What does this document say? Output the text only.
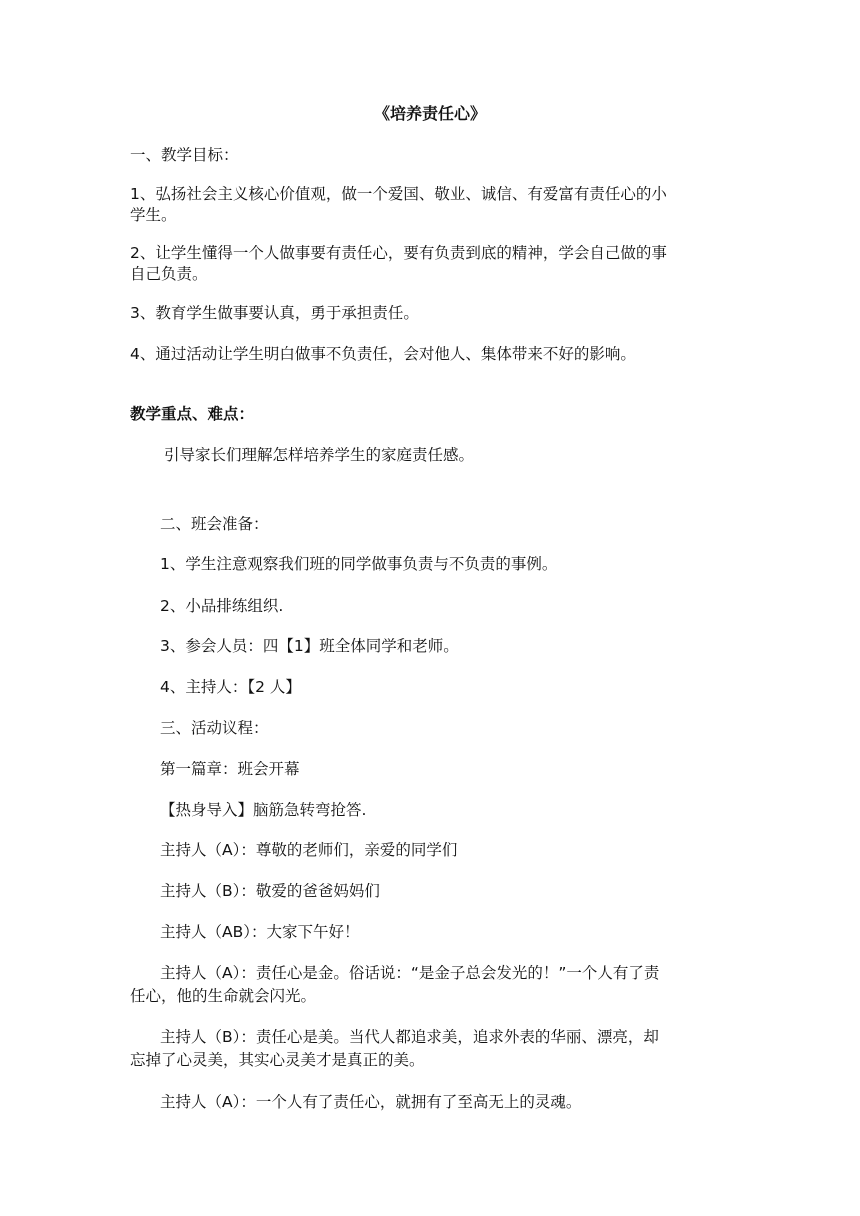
《培养责任心》
一、教学目标：
1、弘扬社会主义核心价值观，做一个爱国、敬业、诚信、有爱富有责任心的小
学生。
2、让学生懂得一个人做事要有责任心，要有负责到底的精神，学会自己做的事
自己负责。
3、教育学生做事要认真，勇于承担责任。
4、通过活动让学生明白做事不负责任，会对他人、集体带来不好的影响。
教学重点、难点：
引导家长们理解怎样培养学生的家庭责任感。
二、班会准备：
1、学生注意观察我们班的同学做事负责与不负责的事例。
2、小品排练组织.
3、参会人员：四【1】班全体同学和老师。
4、主持人：【2 人】
三、活动议程：
第一篇章：班会开幕
【热身导入】脑筋急转弯抢答.
主持人（A）：尊敬的老师们，亲爱的同学们
主持人（B）：敬爱的爸爸妈妈们
主持人（AB）：大家下午好！
主持人（A）：责任心是金。俗话说：“是金子总会发光的！”一个人有了责
任心，他的生命就会闪光。
主持人（B）：责任心是美。当代人都追求美，追求外表的华丽、漂亮，却
忘掉了心灵美，其实心灵美才是真正的美。
主持人（A）：一个人有了责任心，就拥有了至高无上的灵魂。
